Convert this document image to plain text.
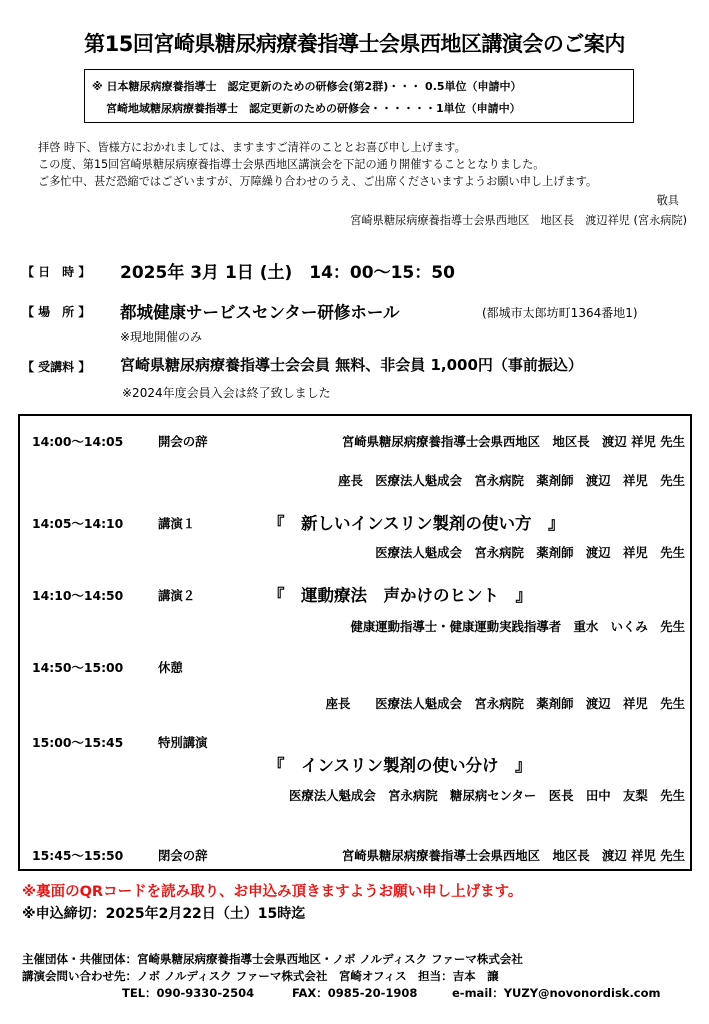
第15回宮崎県糖尿病療養指導士会県西地区講演会のご案内
※ 日本糖尿病療養指導士　認定更新のための研修会(第2群)・・・ 0.5単位（申請中）
宮崎地域糖尿病療養指導士　認定更新のための研修会・・・・・・1単位（申請中）
拝啓 時下、皆様方におかれましては、ますますご清祥のこととお喜び申し上げます。
この度、第15回宮崎県糖尿病療養指導士会県西地区講演会を下記の通り開催することとなりました。
ご多忙中、甚だ恐縮ではございますが、万障繰り合わせのうえ、ご出席くださいますようお願い申し上げます。
敬具
宮崎県糖尿病療養指導士会県西地区　地区長　渡辺祥児 (宮永病院)
【 日　時 】 2025年 3月 1日 (土)　14：00～15：50
【 場　所 】 都城健康サービスセンター研修ホール	(都城市太郎坊町1364番地1)
※現地開催のみ
【 受講料 】 宮崎県糖尿病療養指導士会会員 無料、非会員 1,000円（事前振込）
※2024年度会員入会は終了致しました
14:00～14:05	開会の辞	宮崎県糖尿病療養指導士会県西地区　地区長　渡辺 祥児 先生
座長　医療法人魁成会　宮永病院　薬剤師　渡辺　祥児　先生
14:05～14:10	講演１	『　新しいインスリン製剤の使い方　』
医療法人魁成会　宮永病院　薬剤師　渡辺　祥児　先生
14:10～14:50	講演２	『　運動療法　声かけのヒント　』
健康運動指導士・健康運動実践指導者　重水　いくみ　先生
14:50～15:00	休憩
座長　　医療法人魁成会　宮永病院　薬剤師　渡辺　祥児　先生
15:00～15:45	特別講演
『　インスリン製剤の使い分け　』
医療法人魁成会　宮永病院　糖尿病センター　医長　田中　友梨　先生
15:45～15:50	閉会の辞	宮崎県糖尿病療養指導士会県西地区　地区長　渡辺 祥児 先生
※裏面のQRコードを読み取り、お申込み頂きますようお願い申し上げます。
※申込締切：2025年2月22日（土）15時迄
主催団体・共催団体：宮崎県糖尿病療養指導士会県西地区・ノボ ノルディスク ファーマ株式会社
講演会問い合わせ先：ノボ ノルディスク ファーマ株式会社　宮崎オフィス　担当：吉本　譲
TEL：090-9330-2504	FAX：0985-20-1908	e-mail：YUZY@novonordisk.com
